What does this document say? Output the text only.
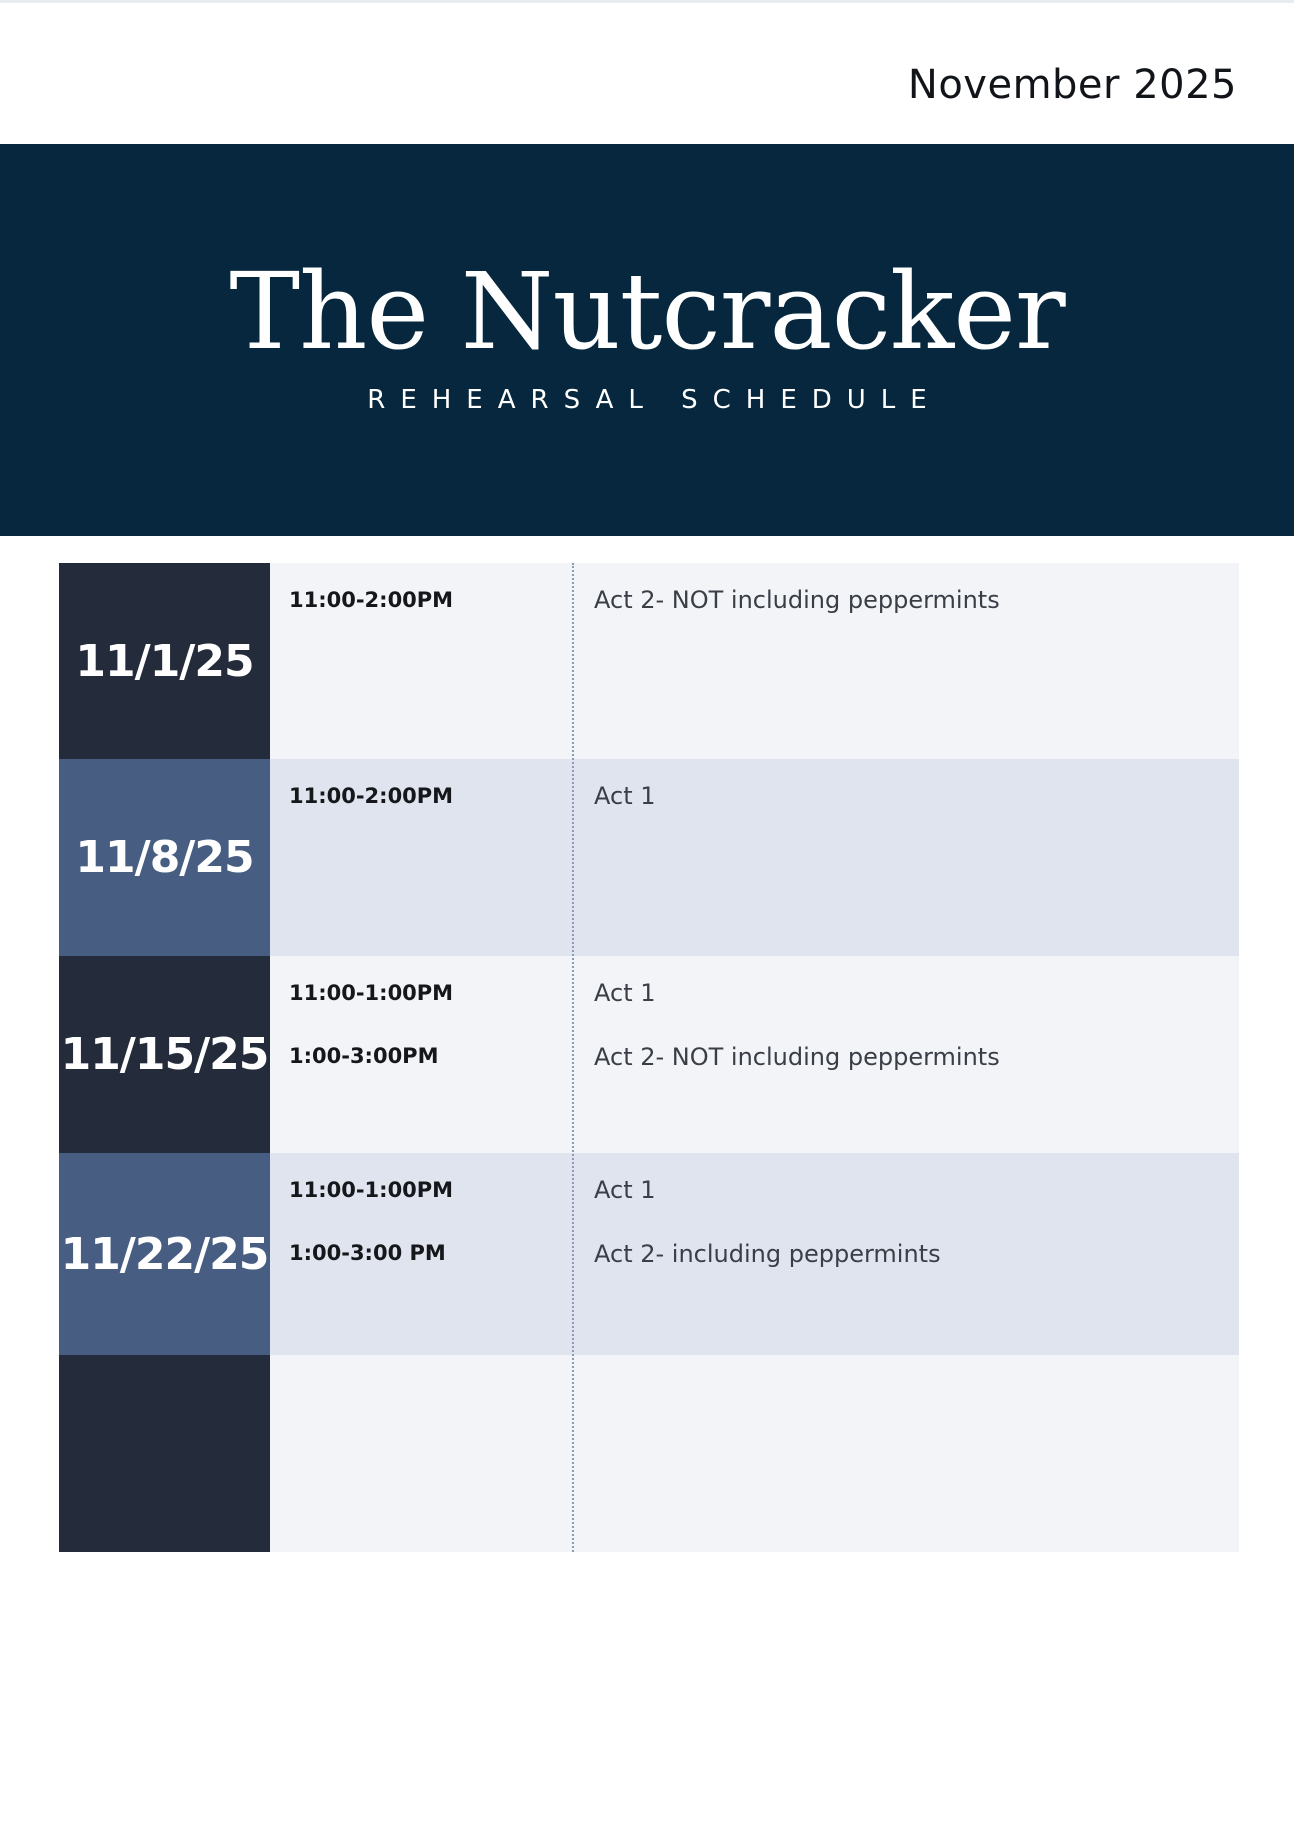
November 2025
The Nutcracker
REHEARSAL SCHEDULE
11/1/25
11:00-2:00PM	Act 2- NOT including peppermints
11/8/25
11:00-2:00PM	Act 1
11/15/25
11:00-1:00PM
1:00-3:00PM
Act 1
Act 2- NOT including peppermints
11/22/25
11:00-1:00PM
1:00-3:00 PM
Act 1
Act 2- including peppermints
